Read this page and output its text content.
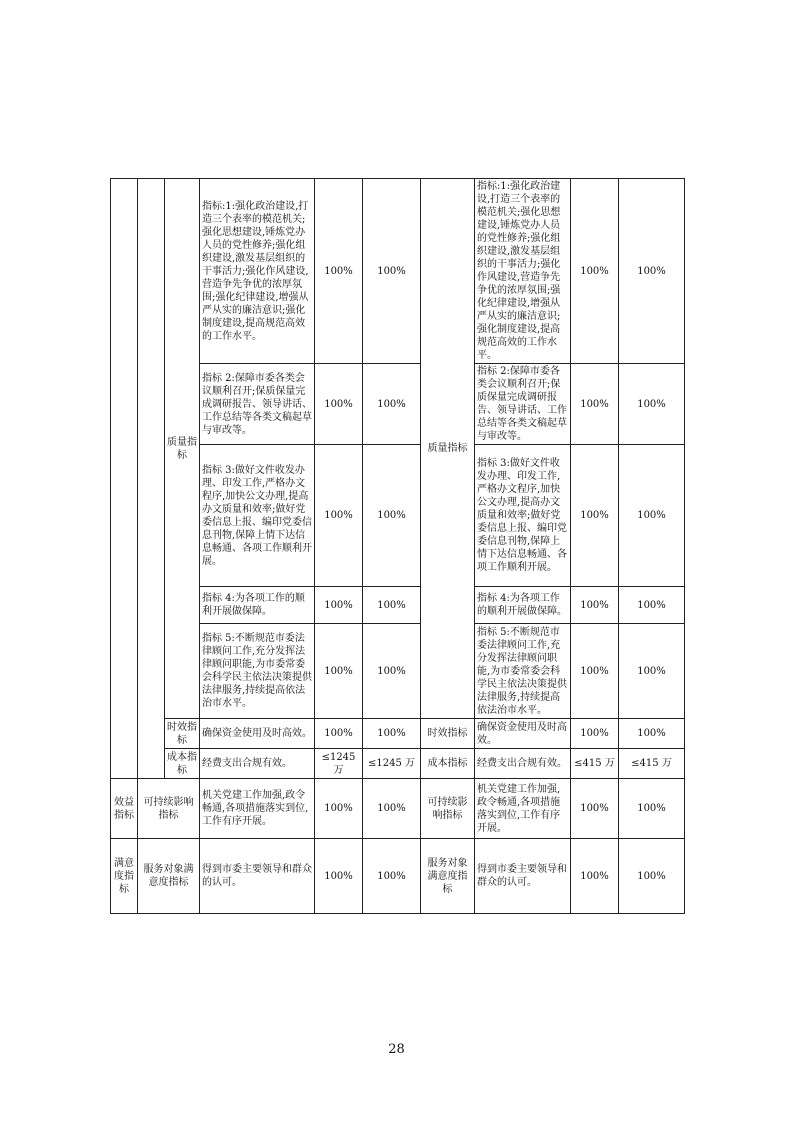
		质量指标	指标:1:强化政治建设,打造三个表率的模范机关;强化思想建设,锤炼党办人员的党性修养;强化组织建设,激发基层组织的干事活力;强化作风建设,营造争先争优的浓厚氛围;强化纪律建设,增强从严从实的廉洁意识;强化制度建设,提高规范高效的工作水平。	100%	100%	质量指标	指标:1:强化政治建设,打造三个表率的模范机关;强化思想建设,锤炼党办人员的党性修养;强化组织建设,激发基层组织的干事活力;强化作风建设,营造争先争优的浓厚氛围;强化纪律建设,增强从严从实的廉洁意识;强化制度建设,提高规范高效的工作水平。	100%	100%
			指标 2:保障市委各类会议顺利召开;保质保量完成调研报告、领导讲话、工作总结等各类文稿起草与审改等。	100%	100%		指标 2:保障市委各类会议顺利召开;保质保量完成调研报告、领导讲话、工作总结等各类文稿起草与审改等。	100%	100%
			指标 3:做好文件收发办理、印发工作,严格办文程序,加快公文办理,提高办文质量和效率;做好党委信息上报、编印党委信息刊物,保障上情下达信息畅通、各项工作顺利开展。	100%	100%		指标 3:做好文件收发办理、印发工作,严格办文程序,加快公文办理,提高办文质量和效率;做好党委信息上报、编印党委信息刊物,保障上情下达信息畅通、各项工作顺利开展。	100%	100%
			指标 4:为各项工作的顺利开展做保障。	100%	100%		指标 4:为各项工作的顺利开展做保障。	100%	100%
			指标 5:不断规范市委法律顾问工作,充分发挥法律顾问职能,为市委常委会科学民主依法决策提供法律服务,持续提高依法治市水平。	100%	100%		指标 5:不断规范市委法律顾问工作,充分发挥法律顾问职能,为市委常委会科学民主依法决策提供法律服务,持续提高依法治市水平。	100%	100%
		时效指标	确保资金使用及时高效。	100%	100%	时效指标	确保资金使用及时高效。	100%	100%
		成本指标	经费支出合规有效。	≤1245 万	≤1245 万	成本指标	经费支出合规有效。	≤415 万	≤415 万
效益指标	可持续影响指标		机关党建工作加强,政令畅通,各项措施落实到位,工作有序开展。	100%	100%	可持续影响指标	机关党建工作加强,政令畅通,各项措施落实到位,工作有序开展。	100%	100%
满意度指标	服务对象满意度指标		得到市委主要领导和群众的认可。	100%	100%	服务对象满意度指标	得到市委主要领导和群众的认可。	100%	100%
28
